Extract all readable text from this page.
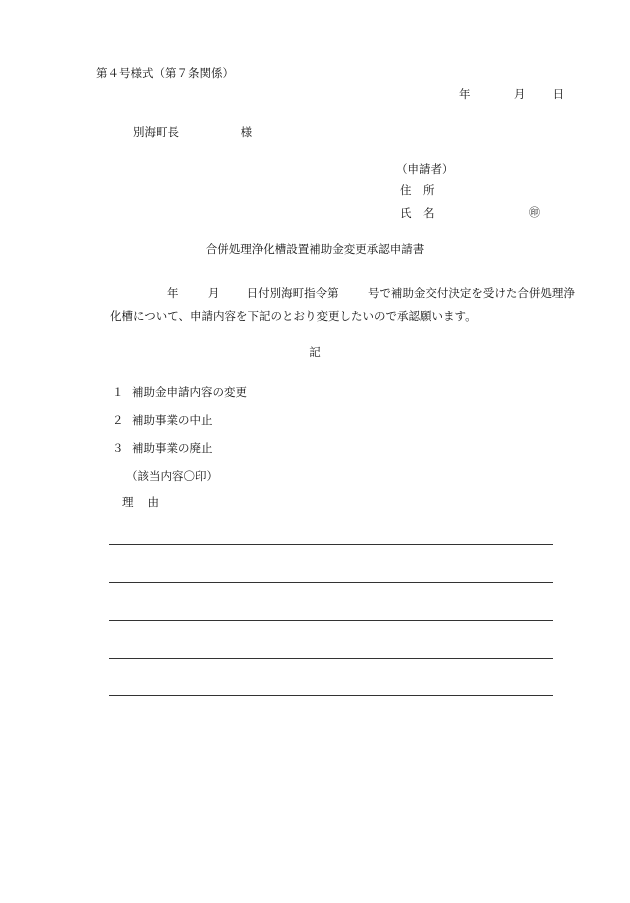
第４号様式（第７条関係）
年	月 日
別海町長	様
（申請者）
住　所
氏　名	㊞
合併処理浄化槽設置補助金変更承認申請書
年	月 日付別海町指令第	号で補助金交付決定を受けた合併処理浄
化槽について、申請内容を下記のとおり変更したいので承認願います。
記
１ 補助金申請内容の変更
２ 補助事業の中止
３ 補助事業の廃止
（該当内容〇印）
理 由
